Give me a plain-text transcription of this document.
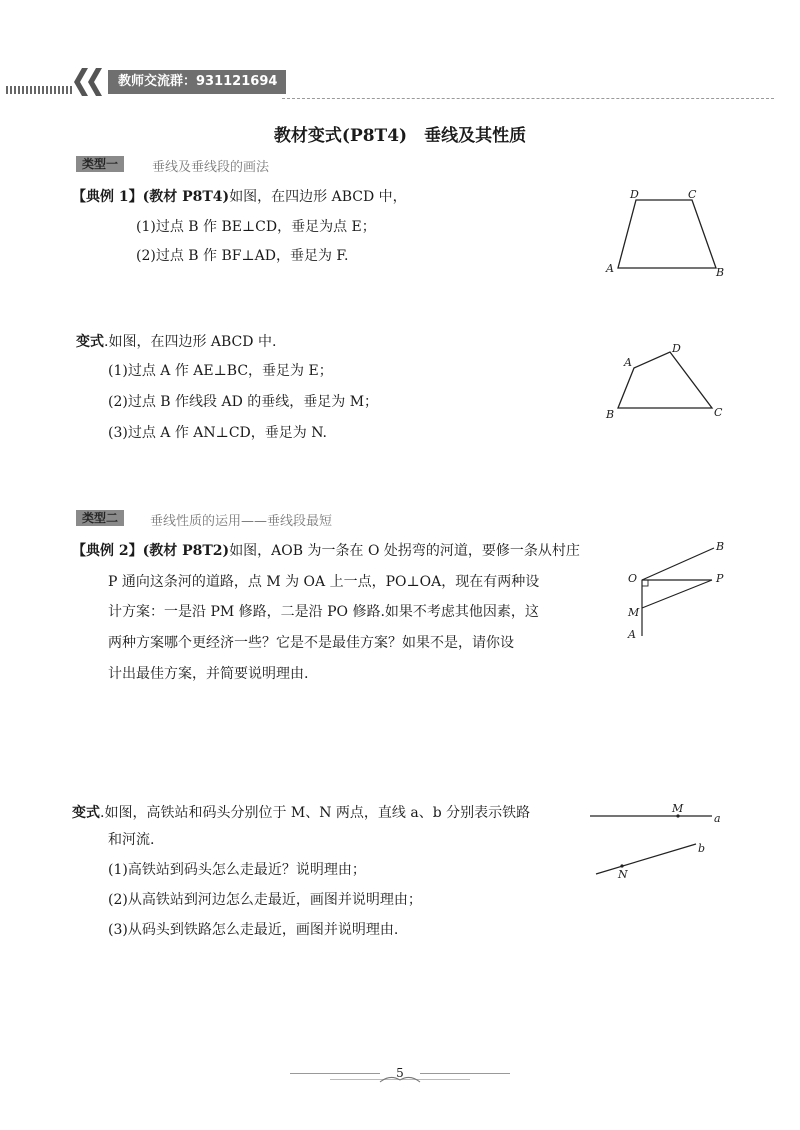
教师交流群：931121694
教材变式(P8T4)　垂线及其性质
类型一	垂线及垂线段的画法
【典例 1】(教材 P8T4)如图，在四边形 ABCD 中，
(1)过点 B 作 BE⊥CD，垂足为点 E；
(2)过点 B 作 BF⊥AD，垂足为 F.
D	C
A	B
变式.如图，在四边形 ABCD 中.
(1)过点 A 作 AE⊥BC，垂足为 E；
(2)过点 B 作线段 AD 的垂线，垂足为 M；
(3)过点 A 作 AN⊥CD，垂足为 N.
A
D
B	C
类型二	垂线性质的运用——垂线段最短
【典例 2】(教材 P8T2)如图，AOB 为一条在 O 处拐弯的河道，要修一条从村庄
P 通向这条河的道路，点 M 为 OA 上一点，PO⊥OA，现在有两种设
计方案：一是沿 PM 修路，二是沿 PO 修路.如果不考虑其他因素，这
两种方案哪个更经济一些？它是不是最佳方案？如果不是，请你设
计出最佳方案，并简要说明理由.
B
O	P
M
A
变式.如图，高铁站和码头分别位于 M、N 两点，直线 a、b 分别表示铁路
和河流.
(1)高铁站到码头怎么走最近？说明理由；
(2)从高铁站到河边怎么走最近，画图并说明理由；
(3)从码头到铁路怎么走最近，画图并说明理由.
M
a
b
N
5
